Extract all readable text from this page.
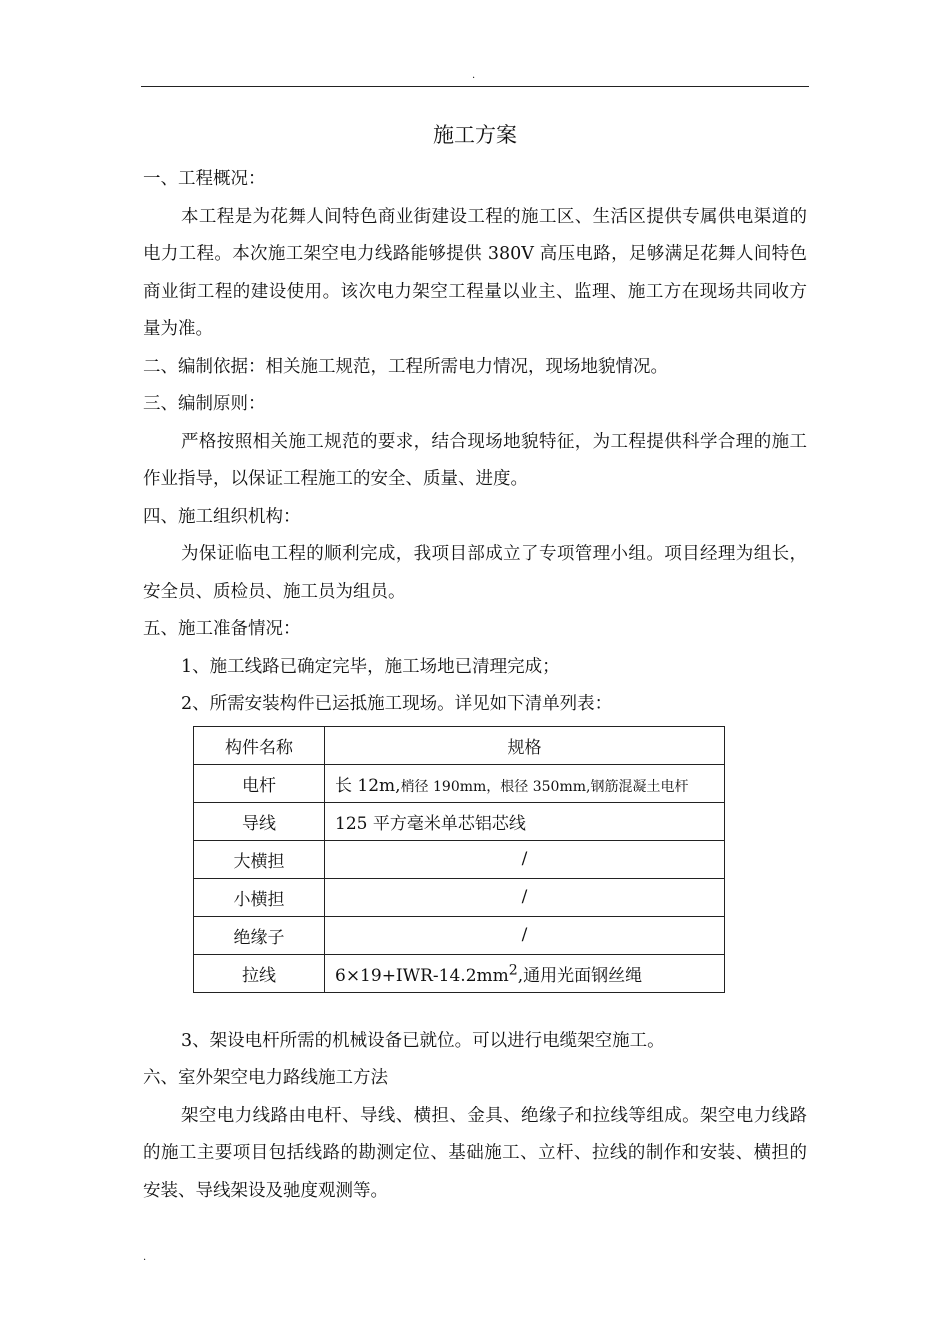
.
施工方案

一、工程概况：

本工程是为花舞人间特色商业街建设工程的施工区、生活区提供专属供电渠道的电力工程。本次施工架空电力线路能够提供 380V 高压电路，足够满足花舞人间特色商业街工程的建设使用。该次电力架空工程量以业主、监理、施工方在现场共同收方量为准。

二、编制依据：相关施工规范，工程所需电力情况，现场地貌情况。

三、编制原则：

严格按照相关施工规范的要求，结合现场地貌特征，为工程提供科学合理的施工作业指导，以保证工程施工的安全、质量、进度。

四、施工组织机构：

为保证临电工程的顺利完成，我项目部成立了专项管理小组。项目经理为组长，安全员、质检员、施工员为组员。

五、施工准备情况：

1、施工线路已确定完毕，施工场地已清理完成；

2、所需安装构件已运抵施工现场。详见如下清单列表：

构件名称	规格
电杆	长 12m,梢径 190mm，根径 350mm,钢筋混凝土电杆
导线	125 平方毫米单芯铝芯线
大横担	/
小横担	/
绝缘子	/
拉线	$6\times 19+IWR-14.2mm^2$,通用光面钢丝绳

3、架设电杆所需的机械设备已就位。可以进行电缆架空施工。

六、室外架空电力路线施工方法

架空电力线路由电杆、导线、横担、金具、绝缘子和拉线等组成。架空电力线路的施工主要项目包括线路的勘测定位、基础施工、立杆、拉线的制作和安装、横担的安装、导线架设及驰度观测等。

.
